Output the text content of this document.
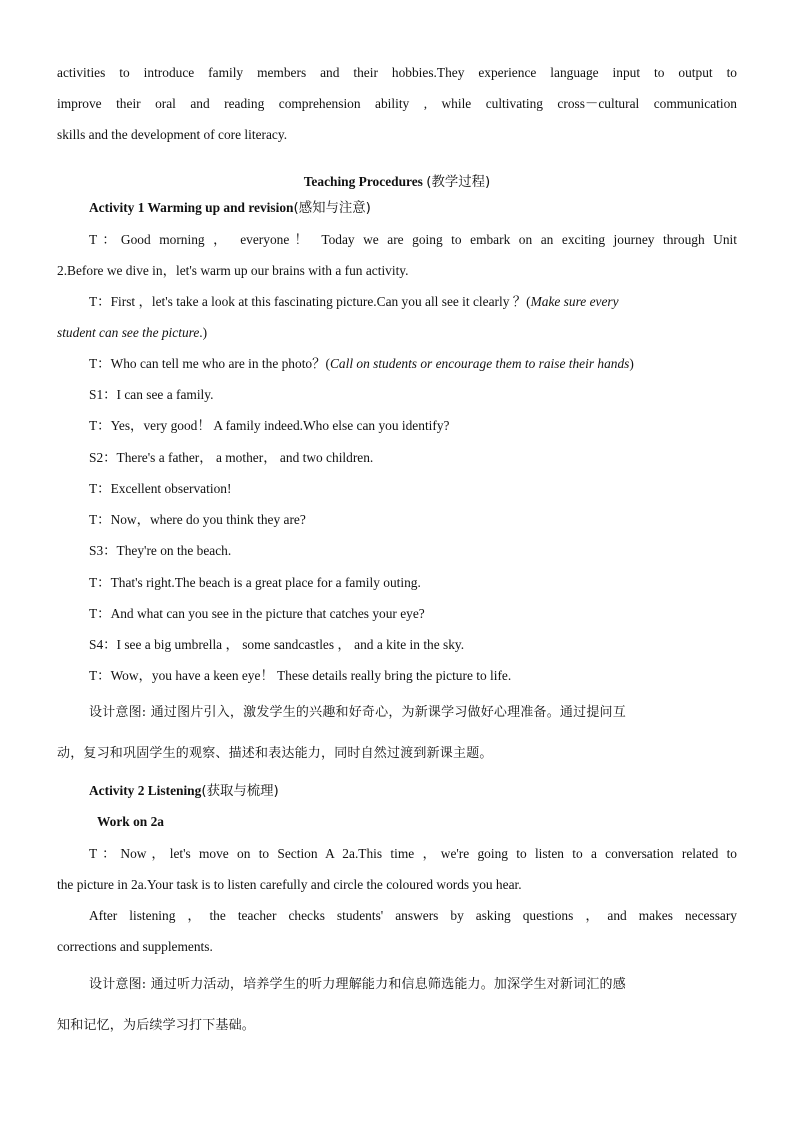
activities to introduce family members and their hobbies.They experience language input to output to
improve their oral and reading comprehension ability , while cultivating cross－cultural communication
skills and the development of core literacy.
Teaching Procedures (教学过程)
Activity 1 Warming up and revision(感知与注意)
T：Good morning ， everyone！ Today we are going to embark on an exciting journey through Unit
2.Before we dive in，let's warm up our brains with a fun activity.
T：First ，let's take a look at this fascinating picture.Can you all see it clearly ？(Make sure every
student can see the picture.)
T：Who can tell me who are in the photo？(Call on students or encourage them to raise their hands)
S1：I can see a family.
T：Yes，very good！ A family indeed.Who else can you identify?
S2：There's a father， a mother， and two children.
T：Excellent observation!
T：Now，where do you think they are?
S3：They're on the beach.
T：That's right.The beach is a great place for a family outing.
T：And what can you see in the picture that catches your eye?
S4：I see a big umbrella ， some sandcastles ， and a kite in the sky.
T：Wow，you have a keen eye！ These details really bring the picture to life.
设计意图: 通过图片引入，激发学生的兴趣和好奇心，为新课学习做好心理准备。通过提问互
动，复习和巩固学生的观察、描述和表达能力，同时自然过渡到新课主题。
Activity 2 Listening(获取与梳理)
Work on 2a
T：Now，let's move on to Section A 2a.This time ，we're going to listen to a conversation related to
the picture in 2a.Your task is to listen carefully and circle the coloured words you hear.
After listening ，the teacher checks students' answers by asking questions ，and makes necessary
corrections and supplements.
设计意图: 通过听力活动，培养学生的听力理解能力和信息筛选能力。加深学生对新词汇的感
知和记忆，为后续学习打下基础。
